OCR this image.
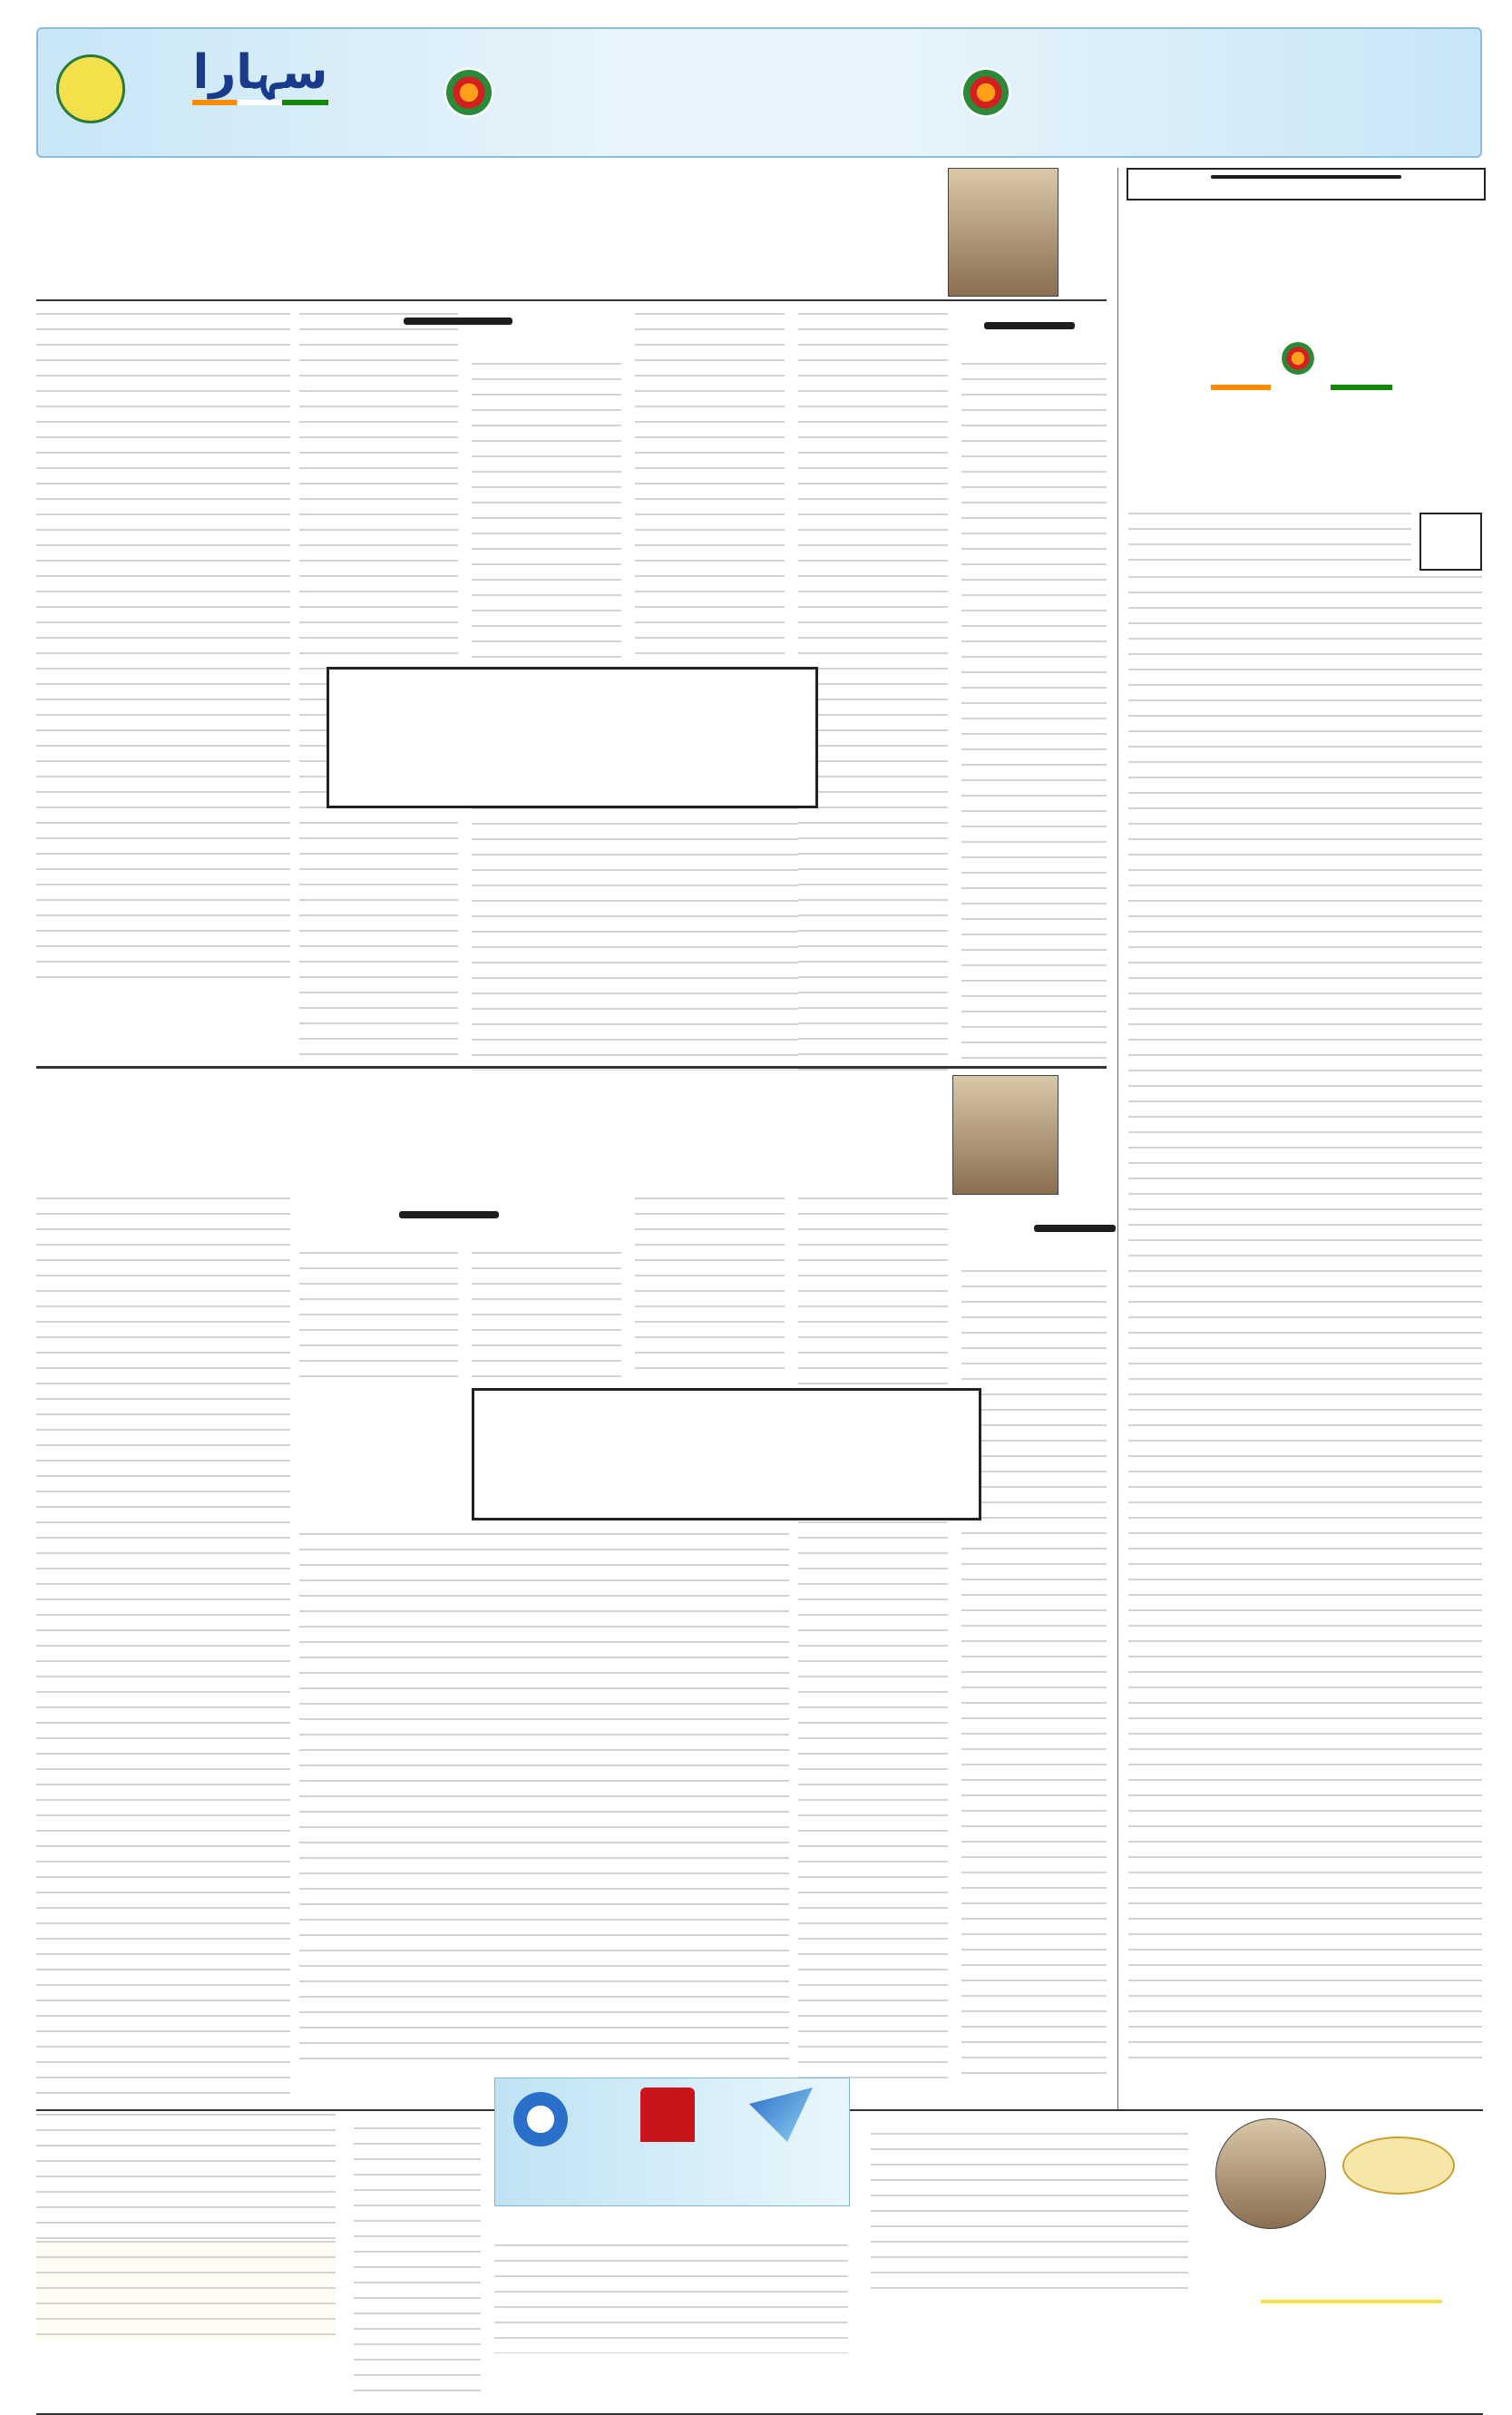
سہارا
